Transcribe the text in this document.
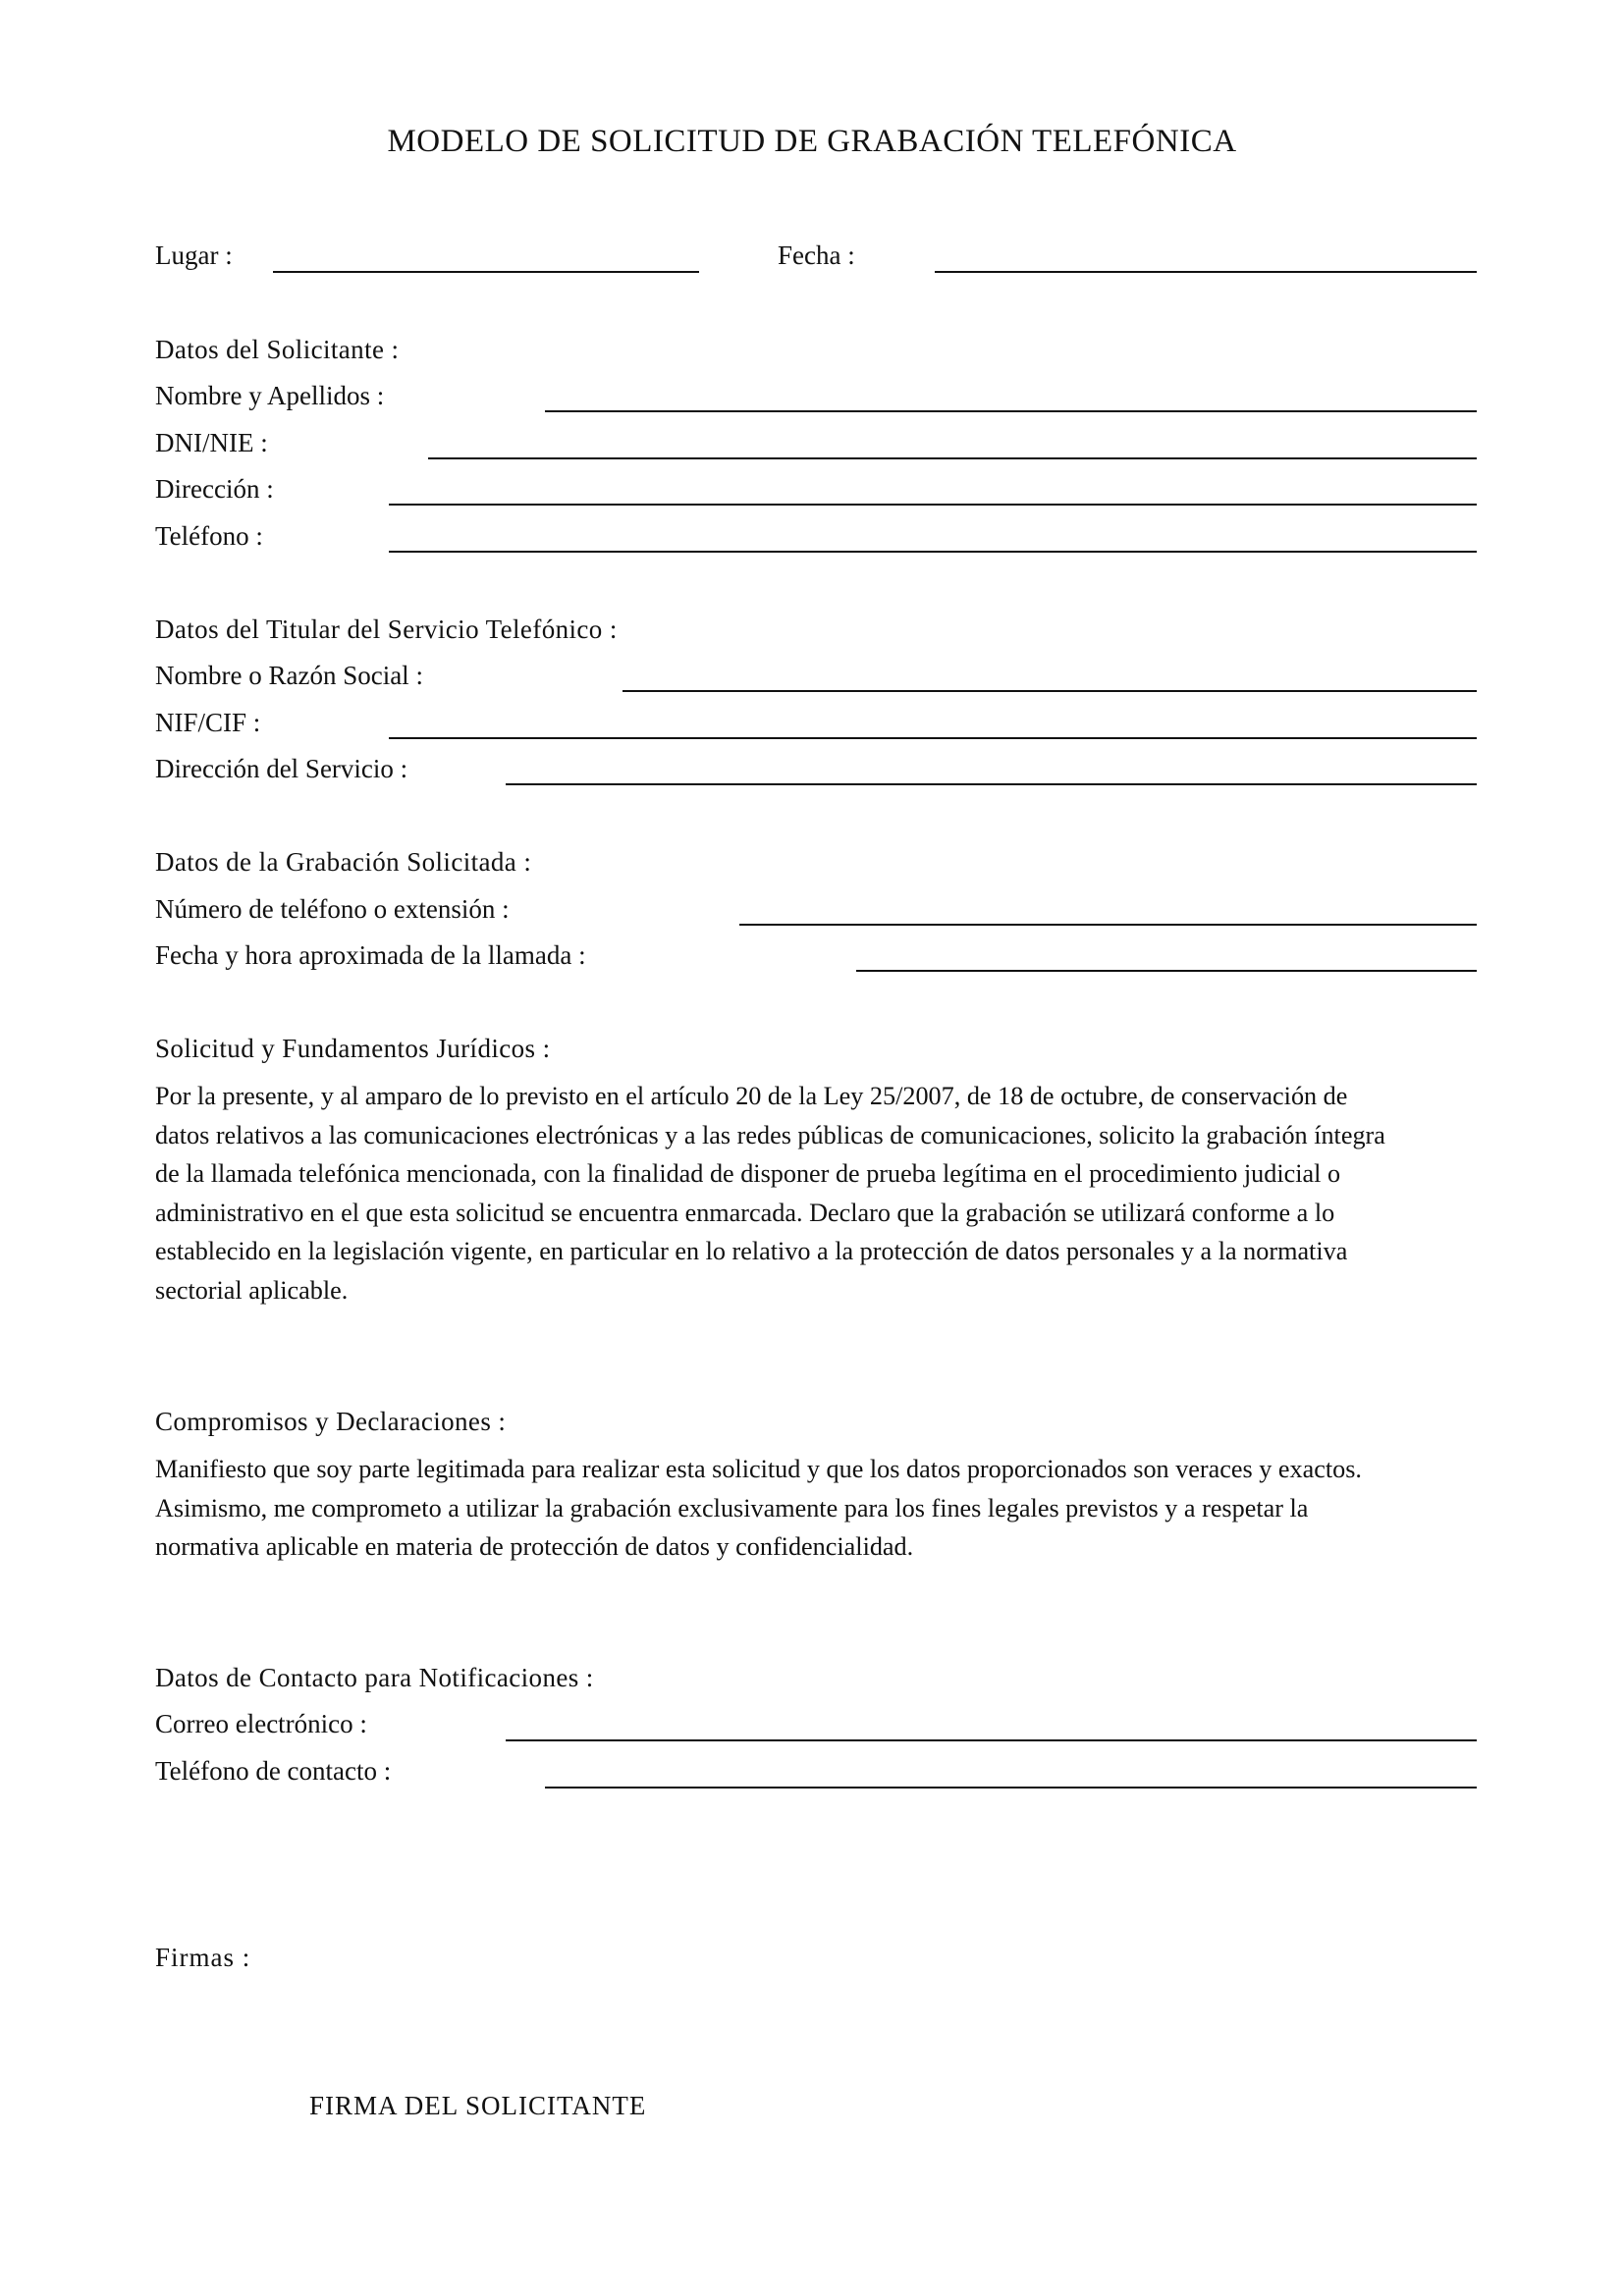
MODELO DE SOLICITUD DE GRABACIÓN TELEFÓNICA
Lugar :	Fecha :
Datos del Solicitante :
Nombre y Apellidos :
DNI/NIE :
Dirección :
Teléfono :
Datos del Titular del Servicio Telefónico :
Nombre o Razón Social :
NIF/CIF :
Dirección del Servicio :
Datos de la Grabación Solicitada :
Número de teléfono o extensión :
Fecha y hora aproximada de la llamada :
Solicitud y Fundamentos Jurídicos :
Por la presente, y al amparo de lo previsto en el artículo 20 de la Ley 25/2007, de 18 de octubre, de conservación de
datos relativos a las comunicaciones electrónicas y a las redes públicas de comunicaciones, solicito la grabación íntegra
de la llamada telefónica mencionada, con la finalidad de disponer de prueba legítima en el procedimiento judicial o
administrativo en el que esta solicitud se encuentra enmarcada. Declaro que la grabación se utilizará conforme a lo
establecido en la legislación vigente, en particular en lo relativo a la protección de datos personales y a la normativa
sectorial aplicable.
Compromisos y Declaraciones :
Manifiesto que soy parte legitimada para realizar esta solicitud y que los datos proporcionados son veraces y exactos.
Asimismo, me comprometo a utilizar la grabación exclusivamente para los fines legales previstos y a respetar la
normativa aplicable en materia de protección de datos y confidencialidad.
Datos de Contacto para Notificaciones :
Correo electrónico :
Teléfono de contacto :
Firmas :
FIRMA DEL SOLICITANTE
